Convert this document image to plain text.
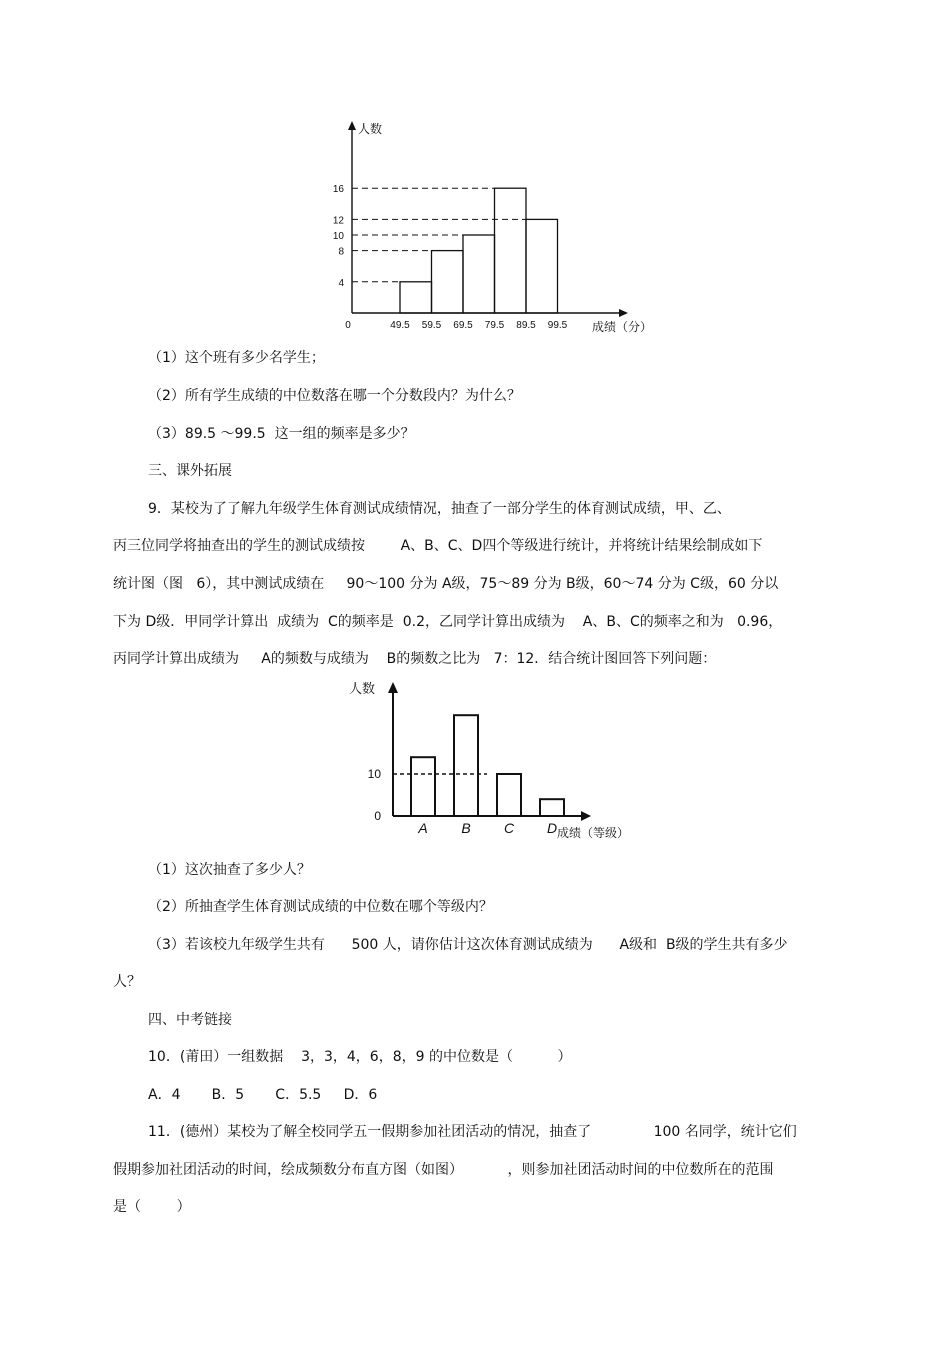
人数
成绩（分）
0
4
8
10
12
16
49.5 59.5 69.5 79.5 89.5 99.5
（1）这个班有多少名学生；
（2）所有学生成绩的中位数落在哪一个分数段内？为什么？
（3）89.5 ～99.5  这一组的频率是多少？
三、课外拓展
9．某校为了了解九年级学生体育测试成绩情况，抽查了一部分学生的体育测试成绩，甲、乙、
丙三位同学将抽查出的学生的测试成绩按        A、B、C、D四个等级进行统计，并将统计结果绘制成如下
统计图（图   6），其中测试成绩在     90～100 分为 A级，75～89 分为 B级，60～74 分为 C级，60 分以
下为 D级．甲同学计算出  成绩为  C的频率是  0.2，乙同学计算出成绩为    A、B、C的频率之和为   0.96，
丙同学计算出成绩为     A的频数与成绩为    B的频数之比为   7：12．结合统计图回答下列问题：
人数
成绩（等级）
0
10
A B C D
（1）这次抽查了多少人？
（2）所抽查学生体育测试成绩的中位数在哪个等级内？
（3）若该校九年级学生共有      500 人，请你估计这次体育测试成绩为      A级和  B级的学生共有多少
人？
四、中考链接
10．(莆田）一组数据    3，3，4，6，8，9 的中位数是（          ）
A．4       B．5       C．5.5     D．6
11．(德州）某校为了解全校同学五一假期参加社团活动的情况，抽查了              100 名同学，统计它们
假期参加社团活动的时间，绘成频数分布直方图（如图）          ，则参加社团活动时间的中位数所在的范围
是（        ）
